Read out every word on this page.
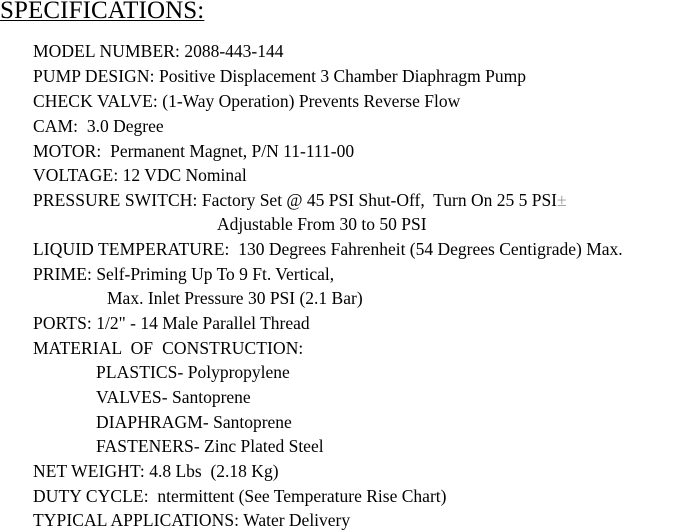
SPECIFICATIONS:
MODEL NUMBER: 2088-443-144
PUMP DESIGN: Positive Displacement 3 Chamber Diaphragm Pump
CHECK VALVE: (1-Way Operation) Prevents Reverse Flow
CAM:  3.0 Degree
MOTOR:  Permanent Magnet, P/N 11-111-00
VOLTAGE: 12 VDC Nominal
PRESSURE SWITCH: Factory Set @ 45 PSI Shut-Off,  Turn On 25 5 PSI±
Adjustable From 30 to 50 PSI
LIQUID TEMPERATURE:  130 Degrees Fahrenheit (54 Degrees Centigrade) Max.
PRIME: Self-Priming Up To 9 Ft. Vertical,
Max. Inlet Pressure 30 PSI (2.1 Bar)
PORTS: 1/2" - 14 Male Parallel Thread
MATERIAL  OF  CONSTRUCTION:
PLASTICS- Polypropylene
VALVES- Santoprene
DIAPHRAGM- Santoprene
FASTENERS- Zinc Plated Steel
NET WEIGHT: 4.8 Lbs  (2.18 Kg)
DUTY CYCLE:  ntermittent (See Temperature Rise Chart)
TYPICAL APPLICATIONS: Water Delivery
